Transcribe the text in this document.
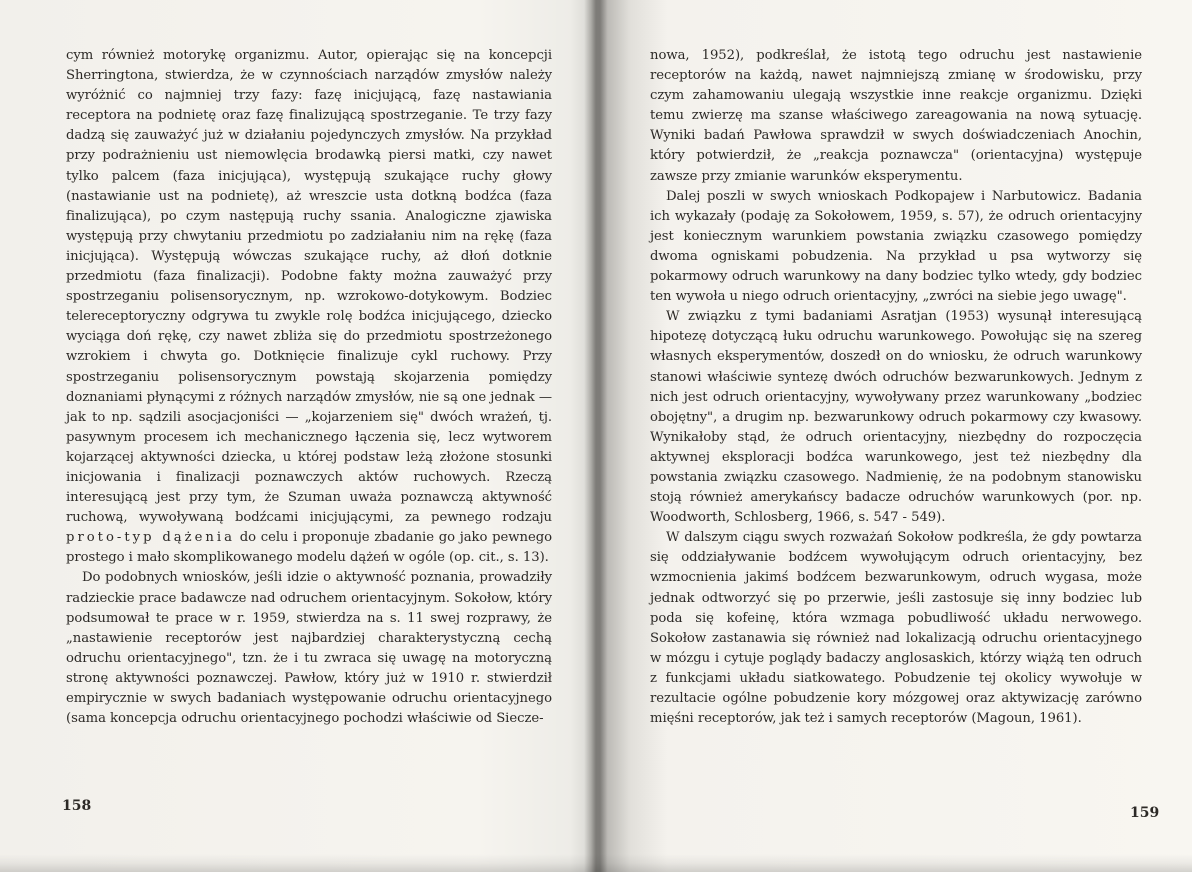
cym również motorykę organizmu. Autor, opierając się na koncepcji Sherringtona, stwierdza, że w czynnościach narządów zmysłów należy wyróżnić co najmniej trzy fazy: fazę inicjującą, fazę nastawiania receptora na podnietę oraz fazę finalizującą spostrzeganie. Te trzy fazy dadzą się zauważyć już w działaniu pojedynczych zmysłów. Na przykład przy podrażnieniu ust niemowlęcia brodawką piersi matki, czy nawet tylko palcem (faza inicjująca), występują szukające ruchy głowy (nastawianie ust na podnietę), aż wreszcie usta dotkną bodźca (faza finalizująca), po czym następują ruchy ssania. Analogiczne zjawiska występują przy chwytaniu przedmiotu po zadziałaniu nim na rękę (faza inicjująca). Występują wówczas szukające ruchy, aż dłoń dotknie przedmiotu (faza finalizacji). Podobne fakty można zauważyć przy spostrzeganiu polisensorycznym, np. wzrokowo-dotykowym. Bodziec telereceptoryczny odgrywa tu zwykle rolę bodźca inicjującego, dziecko wyciąga doń rękę, czy nawet zbliża się do przedmiotu spostrzeżonego wzrokiem i chwyta go. Dotknięcie finalizuje cykl ruchowy. Przy spostrzeganiu polisensorycznym powstają skojarzenia pomiędzy doznaniami płynącymi z różnych narządów zmysłów, nie są one jednak — jak to np. sądzili asocjacjoniści — „kojarzeniem się" dwóch wrażeń, tj. pasywnym procesem ich mechanicznego łączenia się, lecz wytworem kojarzącej aktywności dziecka, u której podstaw leżą złożone stosunki inicjowania i finalizacji poznawczych aktów ruchowych. Rzeczą interesującą jest przy tym, że Szuman uważa poznawczą aktywność ruchową, wywoływaną bodźcami inicjującymi, za pewnego rodzaju proto-typ dążenia do celu i proponuje zbadanie go jako pewnego prostego i mało skomplikowanego modelu dążeń w ogóle (op. cit., s. 13).

Do podobnych wniosków, jeśli idzie o aktywność poznania, prowadziły radzieckie prace badawcze nad odruchem orientacyjnym. Sokołow, który podsumował te prace w r. 1959, stwierdza na s. 11 swej rozprawy, że „nastawienie receptorów jest najbardziej charakterystyczną cechą odruchu orientacyjnego", tzn. że i tu zwraca się uwagę na motoryczną stronę aktywności poznawczej. Pawłow, który już w 1910 r. stwierdził empirycznie w swych badaniach występowanie odruchu orientacyjnego (sama koncepcja odruchu orientacyjnego pochodzi właściwie od Siecze-

158

nowa, 1952), podkreślał, że istotą tego odruchu jest nastawienie receptorów na każdą, nawet najmniejszą zmianę w środowisku, przy czym zahamowaniu ulegają wszystkie inne reakcje organizmu. Dzięki temu zwierzę ma szanse właściwego zareagowania na nową sytuację. Wyniki badań Pawłowa sprawdził w swych doświadczeniach Anochin, który potwierdził, że „reakcja poznawcza" (orientacyjna) występuje zawsze przy zmianie warunków eksperymentu.

Dalej poszli w swych wnioskach Podkopajew i Narbutowicz. Badania ich wykazały (podaję za Sokołowem, 1959, s. 57), że odruch orientacyjny jest koniecznym warunkiem powstania związku czasowego pomiędzy dwoma ogniskami pobudzenia. Na przykład u psa wytworzy się pokarmowy odruch warunkowy na dany bodziec tylko wtedy, gdy bodziec ten wywoła u niego odruch orientacyjny, „zwróci na siebie jego uwagę".

W związku z tymi badaniami Asratjan (1953) wysunął interesującą hipotezę dotyczącą łuku odruchu warunkowego. Powołując się na szereg własnych eksperymentów, doszedł on do wniosku, że odruch warunkowy stanowi właściwie syntezę dwóch odruchów bezwarunkowych. Jednym z nich jest odruch orientacyjny, wywoływany przez warunkowany „bodziec obojętny", a drugim np. bezwarunkowy odruch pokarmowy czy kwasowy. Wynikałoby stąd, że odruch orientacyjny, niezbędny do rozpoczęcia aktywnej eksploracji bodźca warunkowego, jest też niezbędny dla powstania związku czasowego. Nadmienię, że na podobnym stanowisku stoją również amerykańscy badacze odruchów warunkowych (por. np. Woodworth, Schlosberg, 1966, s. 547 - 549).

W dalszym ciągu swych rozważań Sokołow podkreśla, że gdy powtarza się oddziaływanie bodźcem wywołującym odruch orientacyjny, bez wzmocnienia jakimś bodźcem bezwarunkowym, odruch wygasa, może jednak odtworzyć się po przerwie, jeśli zastosuje się inny bodziec lub poda się kofeinę, która wzmaga pobudliwość układu nerwowego. Sokołow zastanawia się również nad lokalizacją odruchu orientacyjnego w mózgu i cytuje poglądy badaczy anglosaskich, którzy wiążą ten odruch z funkcjami układu siatkowatego. Pobudzenie tej okolicy wywołuje w rezultacie ogólne pobudzenie kory mózgowej oraz aktywizację zarówno mięśni receptorów, jak też i samych receptorów (Magoun, 1961).

159
